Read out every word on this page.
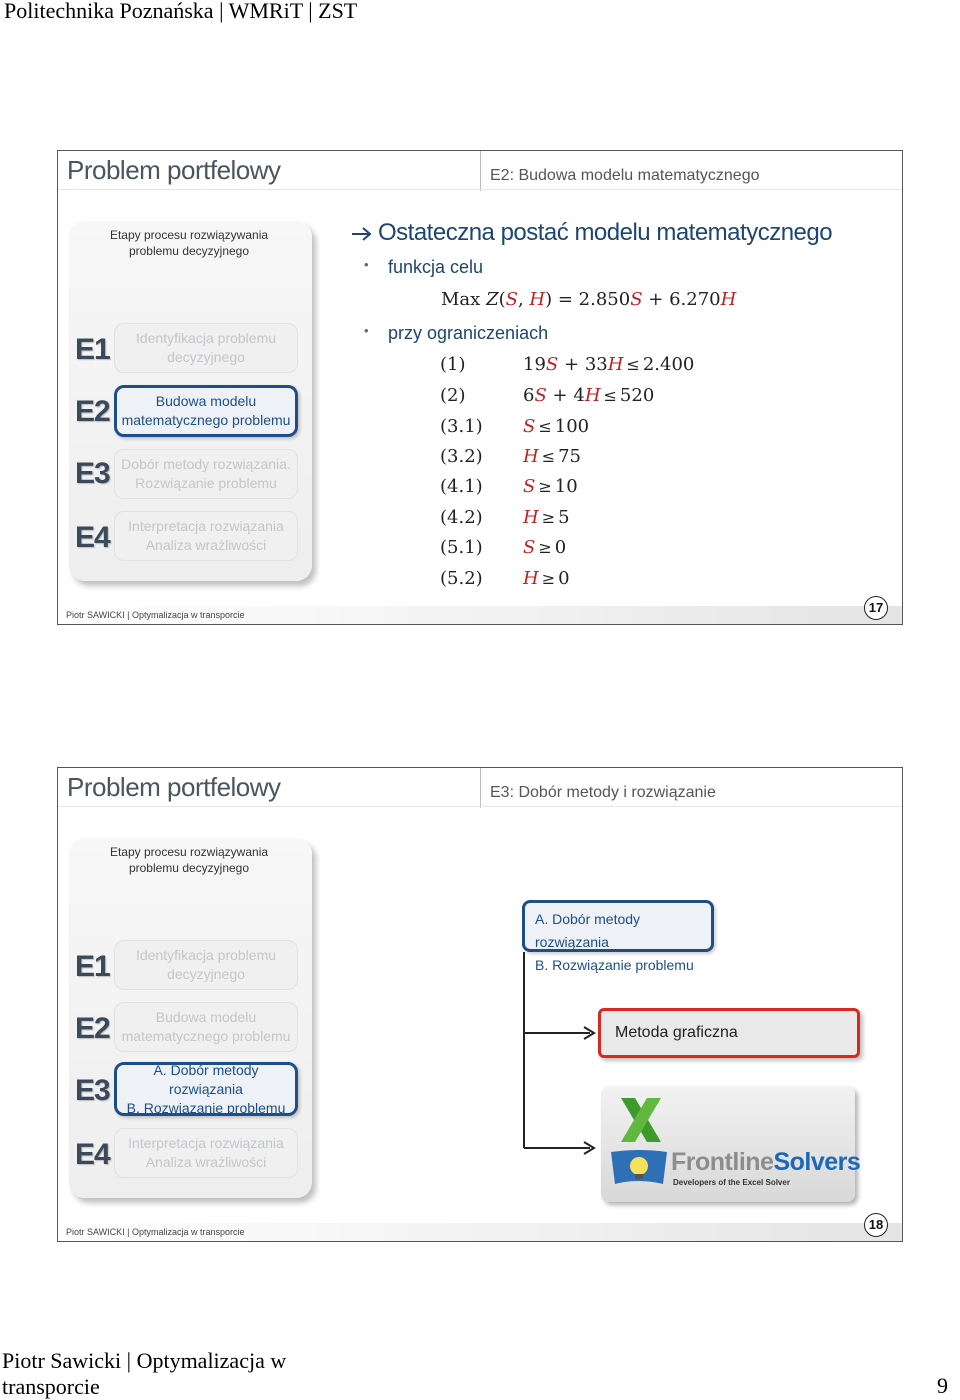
Politechnika Poznańska | WMRiT | ZST
Problem portfelowy	E2: Budowa modelu matematycznego
Etapy procesu rozwiązywania problemu decyzyjnego
E1
E2
E3
E4
Identyfikacja problemu
decyzyjnego
Budowa modelu
matematycznego problemu
Dobór metody rozwiązania.
Rozwiązanie problemu
Interpretacja rozwiązania
Analiza wrażliwości
Ostateczna postać modelu matematycznego
• funkcja celu
Max Z(S, H) = 2.850S + 6.270H
• przy ograniczeniach
(1)	19S + 33H ≤ 2.400
(2)	6S + 4H ≤ 520
(3.1) S ≤ 100
(3.2) H ≤ 75
(4.1) S ≥ 10
(4.2) H ≥ 5
(5.1) S ≥ 0
(5.2) H ≥ 0
Piotr SAWICKI | Optymalizacja w transporcie	17
Problem portfelowy	E3: Dobór metody i rozwiązanie
Etapy procesu rozwiązywania problemu decyzyjnego
E1
E2
E3
E4
Identyfikacja problemu
decyzyjnego
Budowa modelu
matematycznego problemu
A. Dobór metody rozwiązania
B. Rozwiązanie problemu
Interpretacja rozwiązania
Analiza wrażliwości
A. Dobór metody rozwiązania
B. Rozwiązanie problemu
Metoda graficzna
FrontlineSolvers
Developers of the Excel Solver
Piotr SAWICKI | Optymalizacja w transporcie	18
Piotr Sawicki | Optymalizacja w transporcie	9
